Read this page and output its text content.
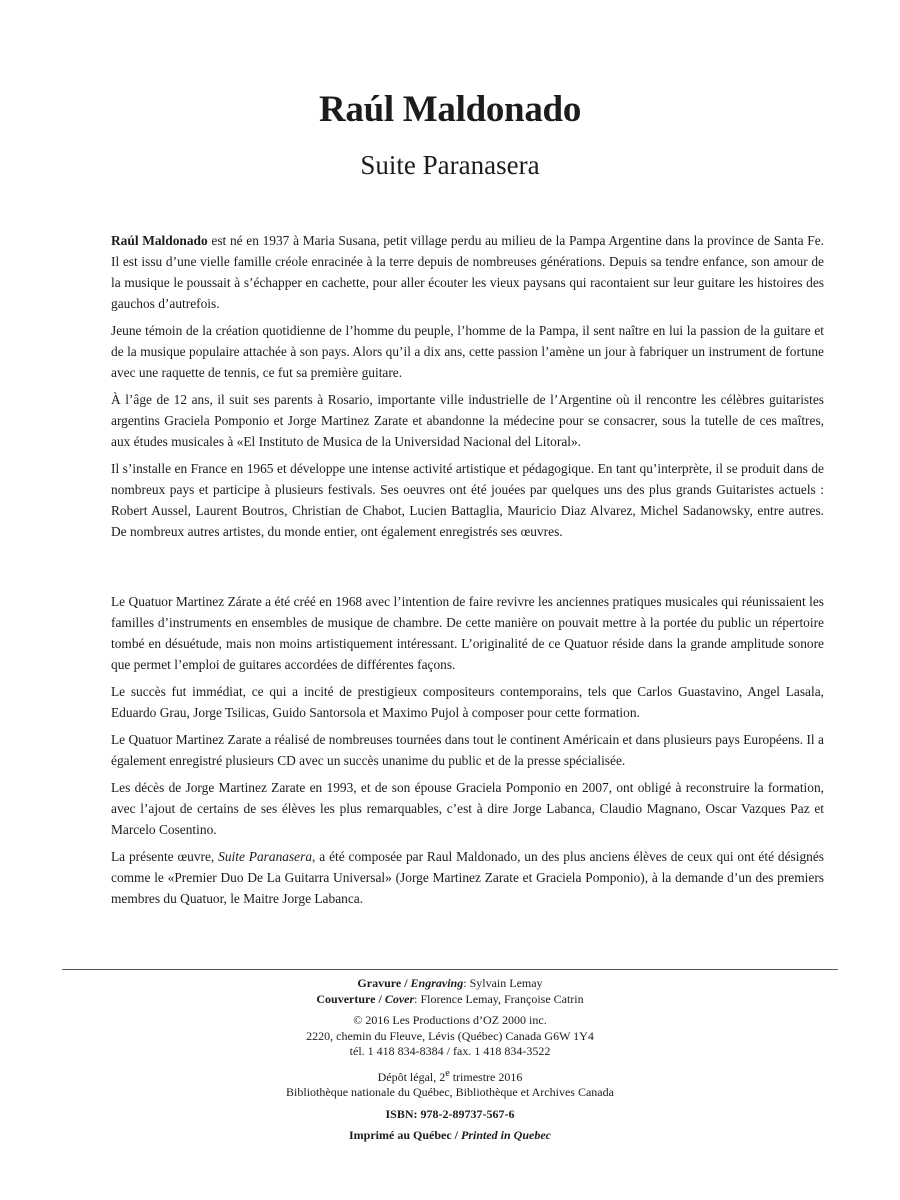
Raúl Maldonado
Suite Paranasera

Raúl Maldonado est né en 1937 à Maria Susana, petit village perdu au milieu de la Pampa Argentine dans la province de Santa Fe. Il est issu d’une vielle famille créole enracinée à la terre depuis de nombreuses générations. Depuis sa tendre enfance, son amour de la musique le poussait à s’échapper en cachette, pour aller écouter les vieux paysans qui racontaient sur leur guitare les histoires des gauchos d’autrefois.

Jeune témoin de la création quotidienne de l’homme du peuple, l’homme de la Pampa, il sent naître en lui la passion de la guitare et de la musique populaire attachée à son pays. Alors qu’il a dix ans, cette passion l’amène un jour à fabriquer un instrument de fortune avec une raquette de tennis, ce fut sa première guitare.

À l’âge de 12 ans, il suit ses parents à Rosario, importante ville industrielle de l’Argentine où il rencontre les célèbres guitaristes argentins Graciela Pomponio et Jorge Martinez Zarate et abandonne la médecine pour se consacrer, sous la tutelle de ces maîtres, aux études musicales à «El Instituto de Musica de la Universidad Nacional del Litoral».

Il s’installe en France en 1965 et développe une intense activité artistique et pédagogique. En tant qu’interprète, il se produit dans de nombreux pays et participe à plusieurs festivals. Ses oeuvres ont été jouées par quelques uns des plus grands Guitaristes actuels : Robert Aussel, Laurent Boutros, Christian de Chabot, Lucien Battaglia, Mauricio Diaz Alvarez, Michel Sadanowsky, entre autres. De nombreux autres artistes, du monde entier, ont également enregistrés ses œuvres.

Le Quatuor Martinez Zárate a été créé en 1968 avec l’intention de faire revivre les anciennes pratiques musicales qui réunissaient les familles d’instruments en ensembles de musique de chambre. De cette manière on pouvait mettre à la portée du public un répertoire tombé en désuétude, mais non moins artistiquement intéressant. L’originalité de ce Quatuor réside dans la grande amplitude sonore que permet l’emploi de guitares accordées de différentes façons.

Le succès fut immédiat, ce qui a incité de prestigieux compositeurs contemporains, tels que Carlos Guastavino, Angel Lasala, Eduardo Grau, Jorge Tsilicas, Guido Santorsola et Maximo Pujol à composer pour cette formation.

Le Quatuor Martinez Zarate a réalisé de nombreuses tournées dans tout le continent Américain et dans plusieurs pays Européens. Il a également enregistré plusieurs CD avec un succès unanime du public et de la presse spécialisée.

Les décès de Jorge Martinez Zarate en 1993, et de son épouse Graciela Pomponio en 2007, ont obligé à reconstruire la formation, avec l’ajout de certains de ses élèves les plus remarquables, c’est à dire Jorge Labanca, Claudio Magnano, Oscar Vazques Paz et Marcelo Cosentino.

La présente œuvre, Suite Paranasera, a été composée par Raul Maldonado, un des plus anciens élèves de ceux qui ont été désignés comme le «Premier Duo De La Guitarra Universal» (Jorge Martinez Zarate et Graciela Pomponio), à la demande d’un des premiers membres du Quatuor, le Maitre Jorge Labanca.

Gravure / Engraving: Sylvain Lemay
Couverture / Cover: Florence Lemay, Françoise Catrin
© 2016 Les Productions d’OZ 2000 inc.
2220, chemin du Fleuve, Lévis (Québec) Canada G6W 1Y4
tél. 1 418 834-8384 / fax. 1 418 834-3522
Dépôt légal, 2e trimestre 2016
Bibliothèque nationale du Québec, Bibliothèque et Archives Canada
ISBN: 978-2-89737-567-6
Imprimé au Québec / Printed in Quebec
